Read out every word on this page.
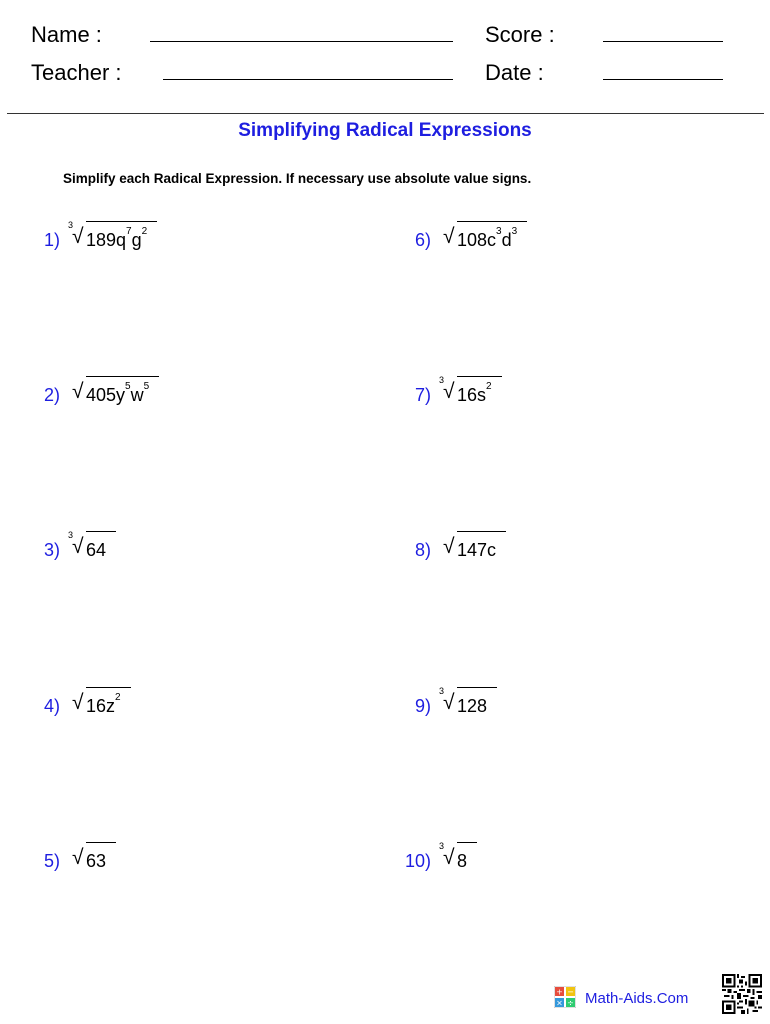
Name :
Teacher :
Score :
Date :
Simplifying Radical Expressions
Simplify each Radical Expression. If necessary use absolute value signs.
1)
3
√ $189q^7g^2$
2) √ $405y^5w^5$
3)
3
√ 64
4) √ $16z^2$
5) √ 63
6) √ $108c^3d^3$
7)
3
√ $16s^2$
8) √ 147c
9)
3
√ 128
10)
3
√ 8
+ −
× ÷ Math-Aids.Com
